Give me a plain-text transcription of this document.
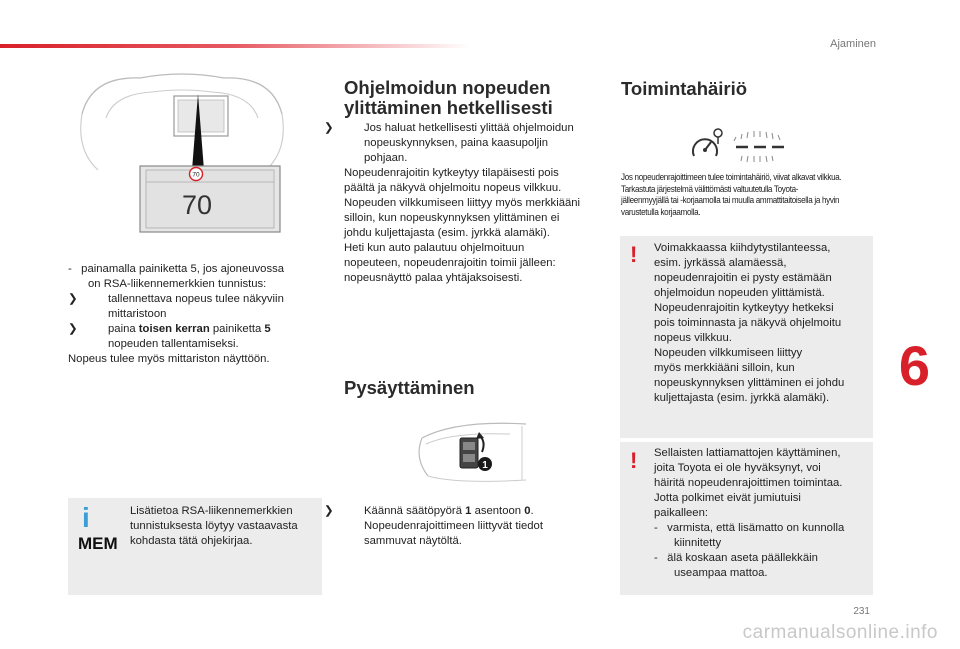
Ajaminen
6
231
carmanualsonline.info
70
70
-   painamalla painiketta 5, jos ajoneuvossa
on RSA-liikennemerkkien tunnistus:
❯	tallennettava nopeus tulee näkyviin
mittaristoon
❯	paina toisen kerran painiketta 5
nopeuden tallentamiseksi.
Nopeus tulee myös mittariston näyttöön.
i
MEM
Lisätietoa RSA-liikennemerkkien
tunnistuksesta löytyy vastaavasta
kohdasta tätä ohjekirjaa.
Ohjelmoidun nopeuden ylittäminen hetkellisesti
❯	Jos haluat hetkellisesti ylittää ohjelmoidun
nopeuskynnyksen, paina kaasupoljin
pohjaan.
Nopeudenrajoitin kytkeytyy tilapäisesti pois
päältä ja näkyvä ohjelmoitu nopeus vilkkuu.
Nopeuden vilkkumiseen liittyy myös merkkiääni
silloin, kun nopeuskynnyksen ylittäminen ei
johdu kuljettajasta (esim. jyrkkä alamäki).
Heti kun auto palautuu ohjelmoituun
nopeuteen, nopeudenrajoitin toimii jälleen:
nopeusnäyttö palaa yhtäjaksoisesti.
Pysäyttäminen
1
❯	Käännä säätöpyörä 1 asentoon 0.
Nopeudenrajoittimeen liittyvät tiedot
sammuvat näytöltä.
Toimintahäiriö
Jos nopeudenrajoittimeen tulee toimintahäiriö, viivat alkavat vilkkua.
Tarkastuta järjestelmä välittömästi valtuutetulla Toyota-
jälleenmyyjällä tai -korjaamolla tai muulla ammattitaitoisella ja hyvin
varustetulla korjaamolla.
! Voimakkaassa kiihdytystilanteessa,
esim. jyrkässä alamäessä,
nopeudenrajoitin ei pysty estämään
ohjelmoidun nopeuden ylittämistä.
Nopeudenrajoitin kytkeytyy hetkeksi
pois toiminnasta ja näkyvä ohjelmoitu
nopeus vilkkuu.
Nopeuden vilkkumiseen liittyy
myös merkkiääni silloin, kun
nopeuskynnyksen ylittäminen ei johdu
kuljettajasta (esim. jyrkkä alamäki).
! Sellaisten lattiamattojen käyttäminen,
joita Toyota ei ole hyväksynyt, voi
häiritä nopeudenrajoittimen toimintaa.
Jotta polkimet eivät jumiutuisi
paikalleen:
-   varmista, että lisämatto on kunnolla
kiinnitetty
-   älä koskaan aseta päällekkäin
useampaa mattoa.
